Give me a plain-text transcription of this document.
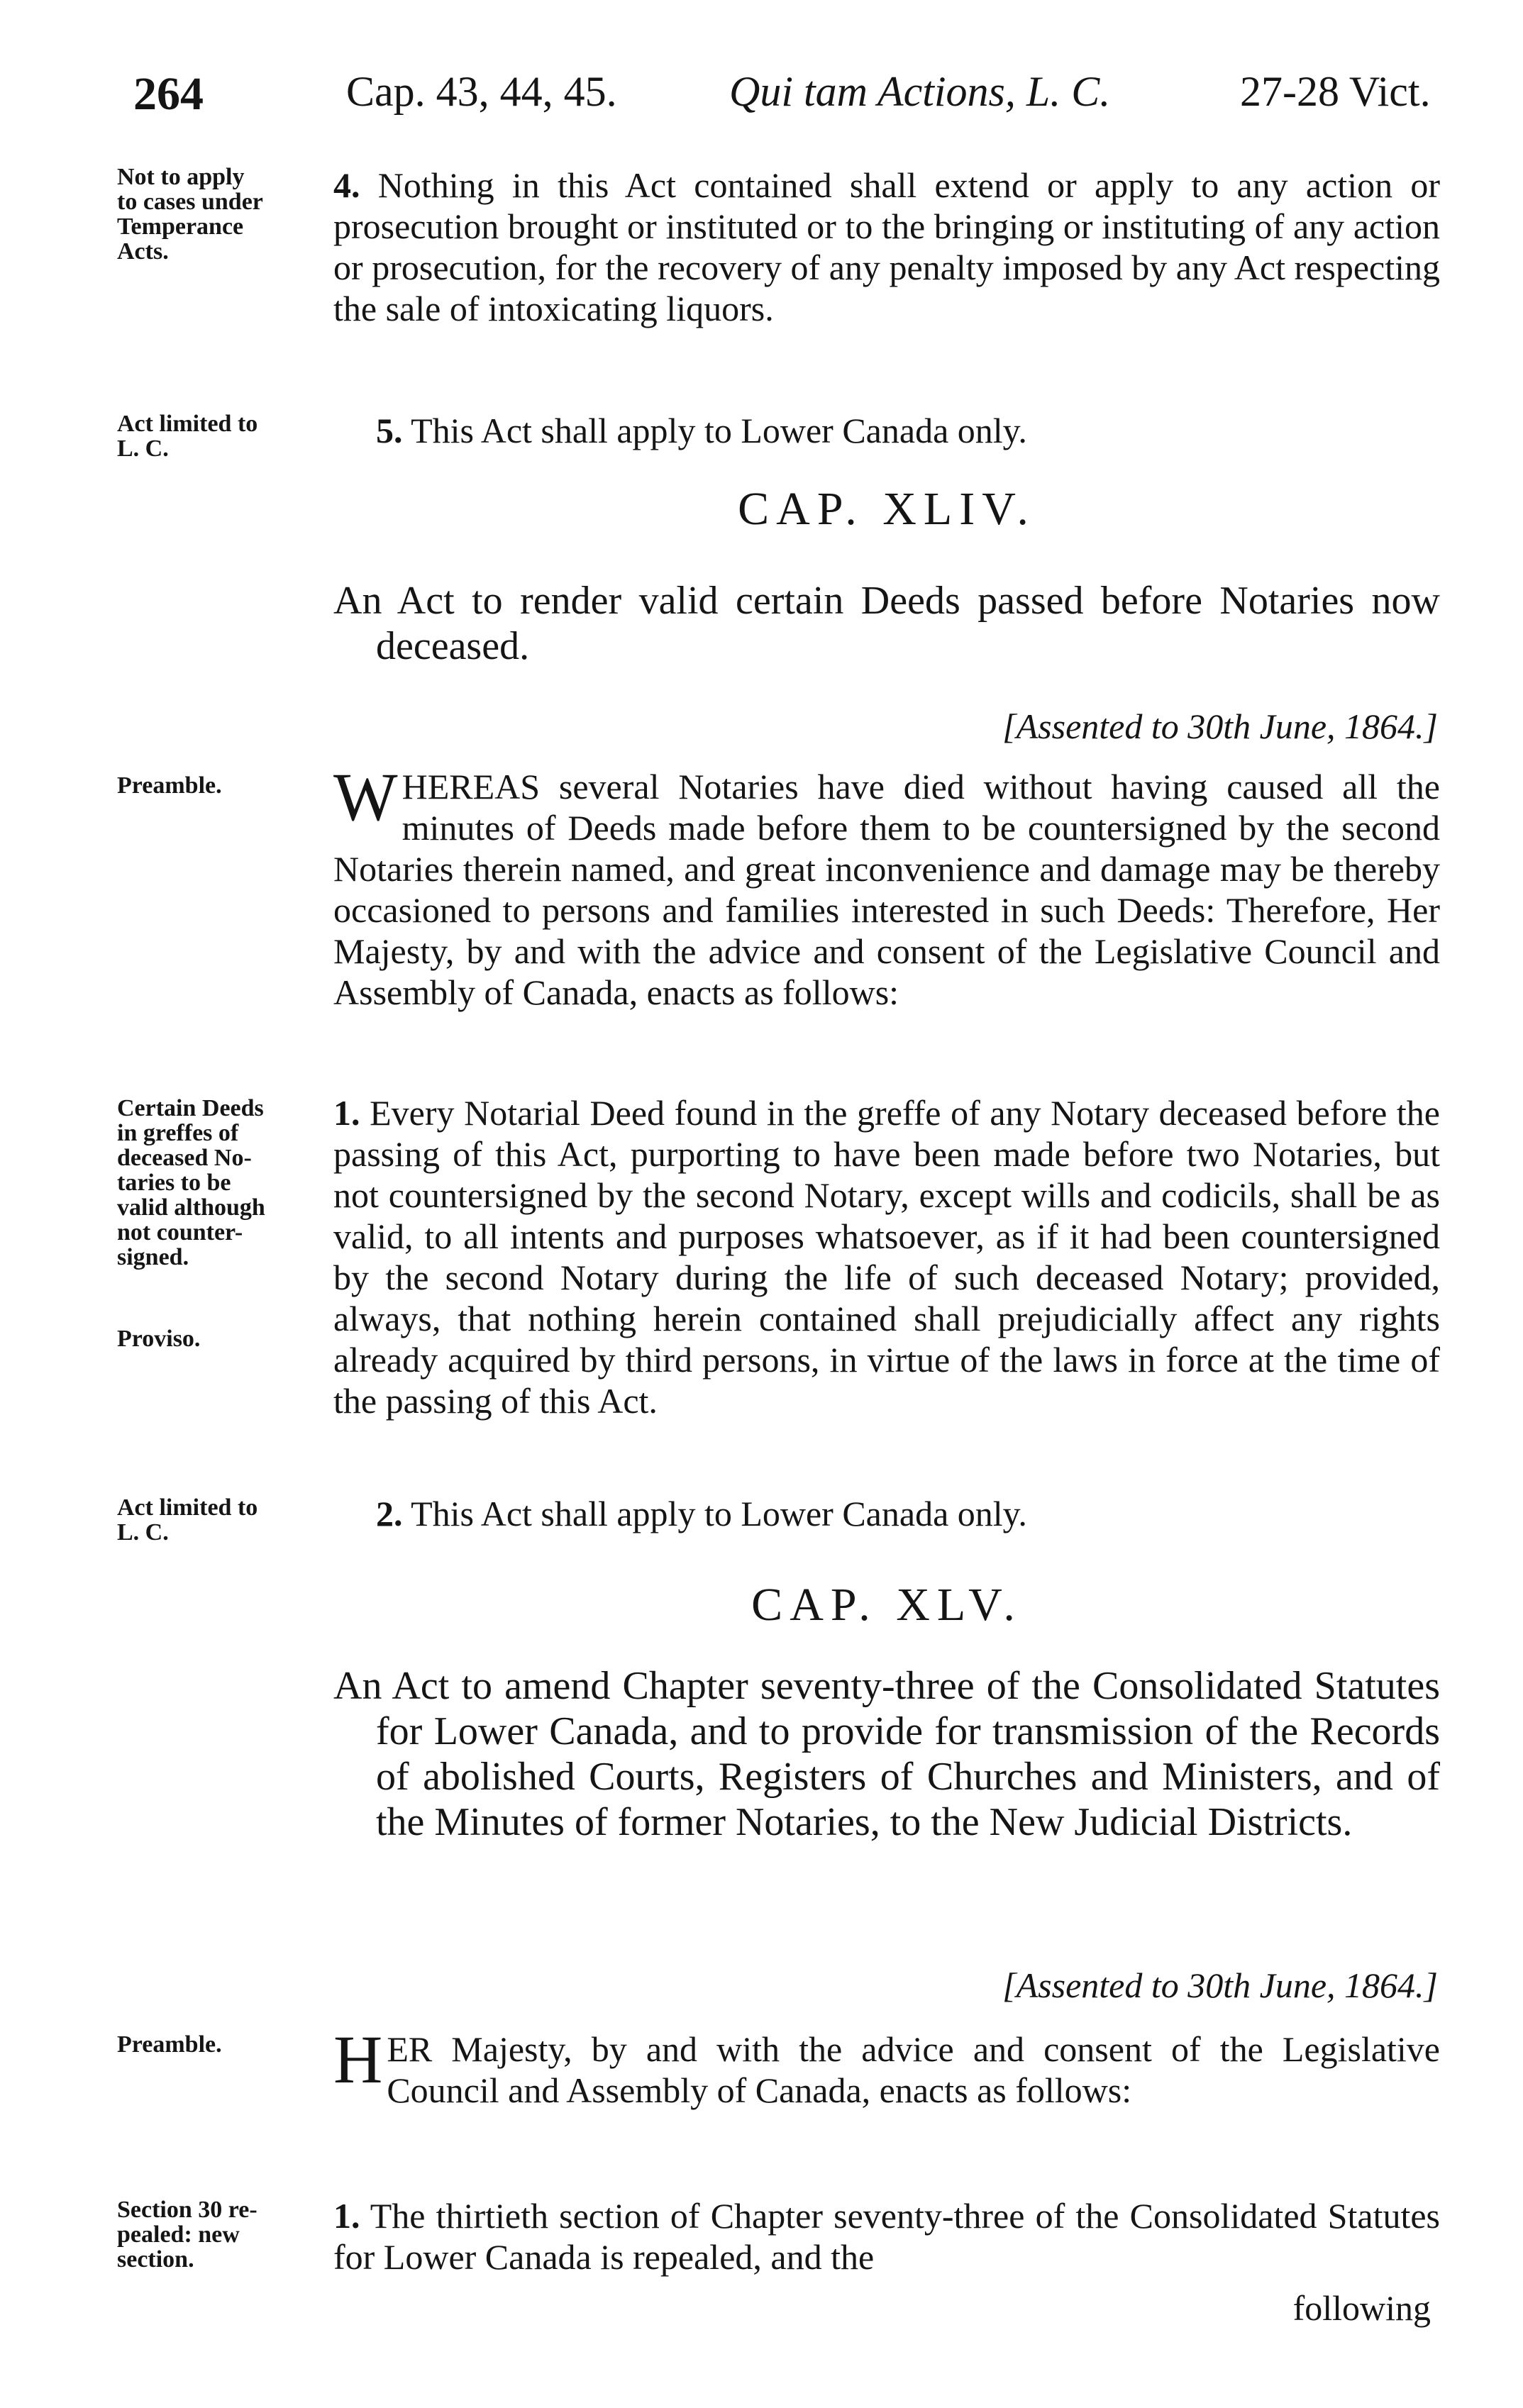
264	Cap. 43, 44, 45.	Qui tam Actions, L. C.	27-28 Vict.
Not to apply
to cases under
Temperance
Acts.
4. Nothing in this Act contained shall extend or apply to any action or prosecution brought or instituted or to the bringing or instituting of any action or prosecution, for the recovery of any penalty imposed by any Act respecting the sale of intoxicating liquors.
Act limited to
L. C.	5. This Act shall apply to Lower Canada only.
CAP. XLIV.
An Act to render valid certain Deeds passed before Notaries now deceased.
[Assented to 30th June, 1864.]
Preamble.	W HEREAS several Notaries have died without having caused all the minutes of Deeds made before them to be countersigned by the second Notaries therein named, and great inconvenience and damage may be thereby occasioned to persons and families interested in such Deeds: Therefore, Her Majesty, by and with the advice and consent of the Legislative Council and Assembly of Canada, enacts as follows:
Certain Deeds
in greffes of
deceased No-
taries to be
valid although
not counter-
signed.
Proviso.
1. Every Notarial Deed found in the greffe of any Notary deceased before the passing of this Act, purporting to have been made before two Notaries, but not countersigned by the second Notary, except wills and codicils, shall be as valid, to all intents and purposes whatsoever, as if it had been countersigned by the second Notary during the life of such deceased Notary; provided, always, that nothing herein contained shall prejudicially affect any rights already acquired by third persons, in virtue of the laws in force at the time of the passing of this Act.
Act limited to
L. C.	2. This Act shall apply to Lower Canada only.
CAP. XLV.
An Act to amend Chapter seventy-three of the Consolidated Statutes for Lower Canada, and to provide for transmission of the Records of abolished Courts, Registers of Churches and Ministers, and of the Minutes of former Notaries, to the New Judicial Districts.
[Assented to 30th June, 1864.]
Preamble.	H ER Majesty, by and with the advice and consent of the Legislative Council and Assembly of Canada, enacts as follows:
Section 30 re-
pealed: new
section.
1. The thirtieth section of Chapter seventy-three of the Consolidated Statutes for Lower Canada is repealed, and the
following
